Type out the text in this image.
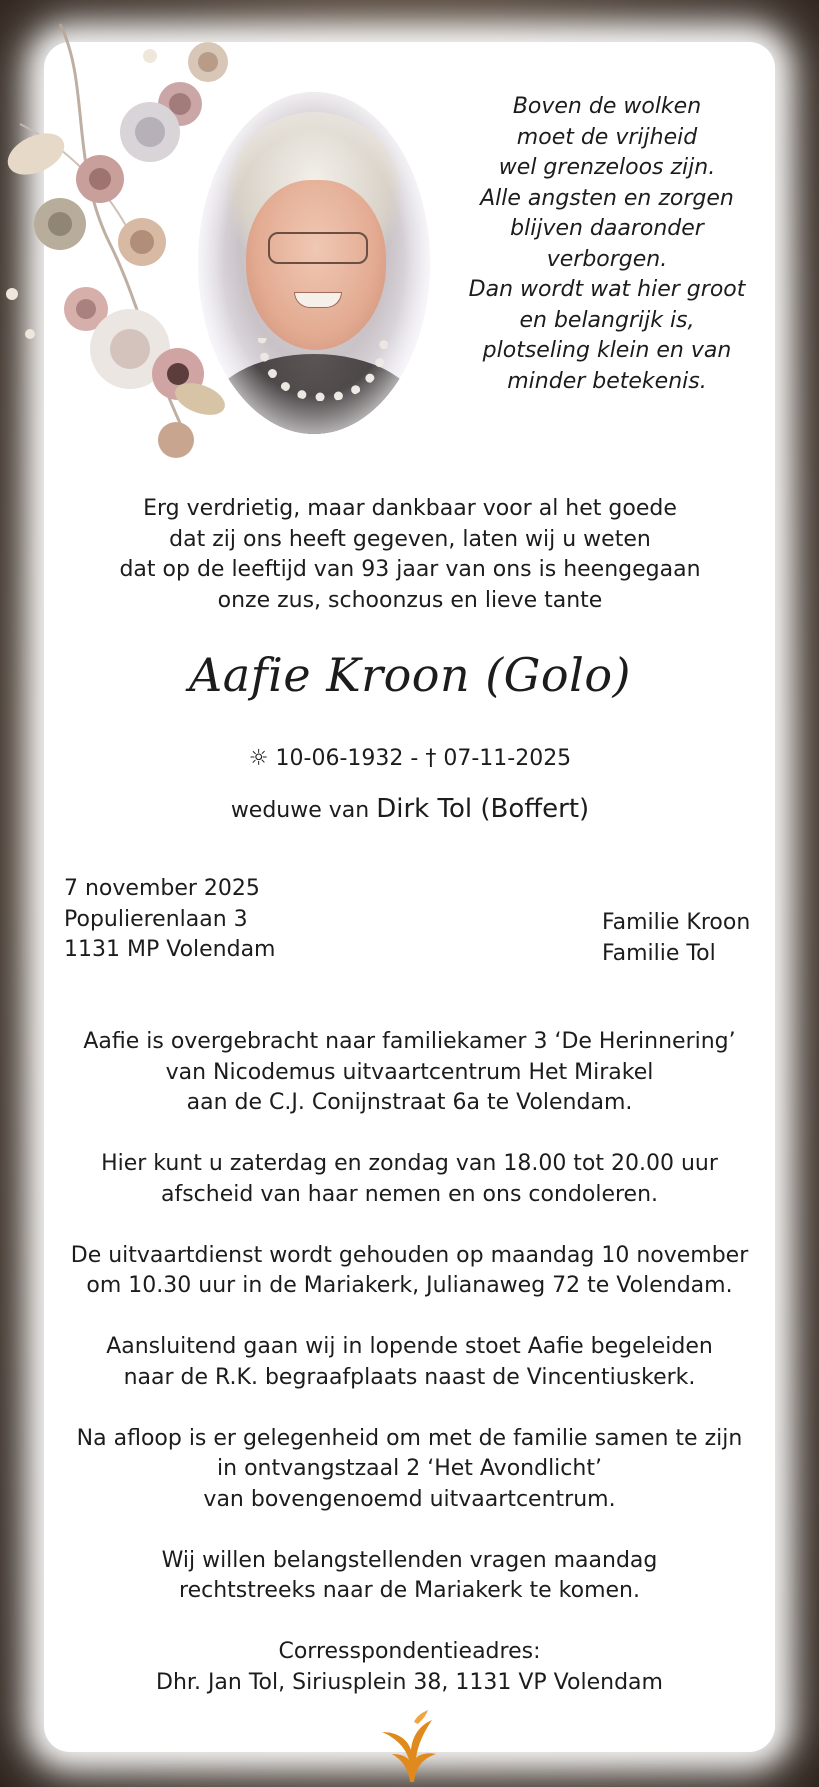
Boven de wolken
moet de vrijheid
wel grenzeloos zijn.
Alle angsten en zorgen
blijven daaronder
verborgen.
Dan wordt wat hier groot
en belangrijk is,
plotseling klein en van
minder betekenis.
Erg verdrietig, maar dankbaar voor al het goede
dat zij ons heeft gegeven, laten wij u weten
dat op de leeftijd van 93 jaar van ons is heengegaan
onze zus, schoonzus en lieve tante
Aafie Kroon (Golo)
☼ 10-06-1932 - † 07-11-2025
weduwe van Dirk Tol (Boffert)
7 november 2025
Populierenlaan 3
1131 MP Volendam
Familie Kroon
Familie Tol
Aafie is overgebracht naar familiekamer 3 ‘De Herinnering’
van Nicodemus uitvaartcentrum Het Mirakel
aan de C.J. Conijnstraat 6a te Volendam.
Hier kunt u zaterdag en zondag van 18.00 tot 20.00 uur
afscheid van haar nemen en ons condoleren.
De uitvaartdienst wordt gehouden op maandag 10 november
om 10.30 uur in de Mariakerk, Julianaweg 72 te Volendam.
Aansluitend gaan wij in lopende stoet Aafie begeleiden
naar de R.K. begraafplaats naast de Vincentiuskerk.
Na afloop is er gelegenheid om met de familie samen te zijn
in ontvangstzaal 2 ‘Het Avondlicht’
van bovengenoemd uitvaartcentrum.
Wij willen belangstellenden vragen maandag
rechtstreeks naar de Mariakerk te komen.
Corresspondentieadres:
Dhr. Jan Tol, Siriusplein 38, 1131 VP Volendam
